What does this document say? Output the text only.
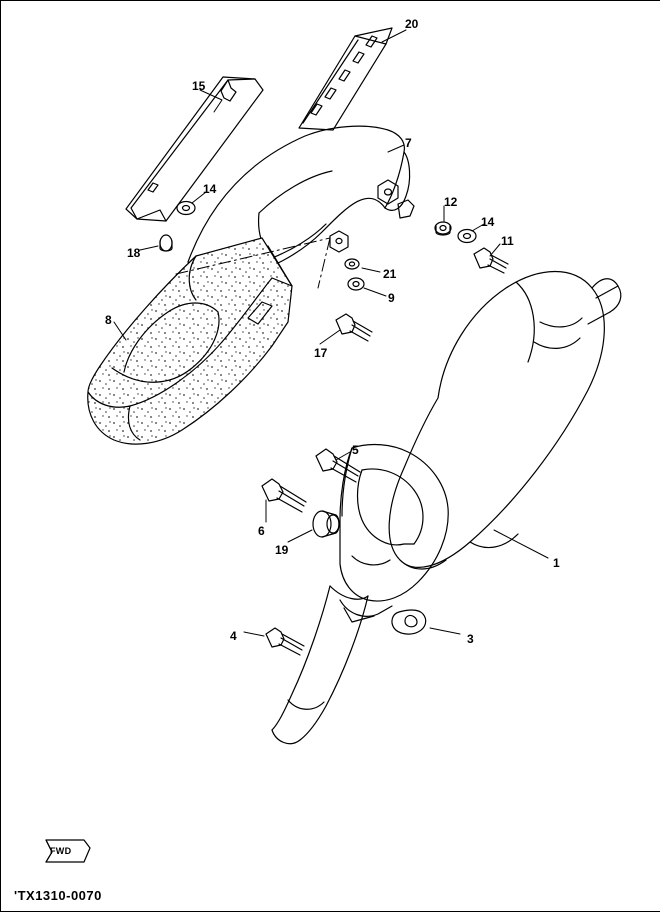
FWD
'TX1310-0070
20
15
7
14
12
14
11
18
21
9
8
17
5
6
19
1
4	3
